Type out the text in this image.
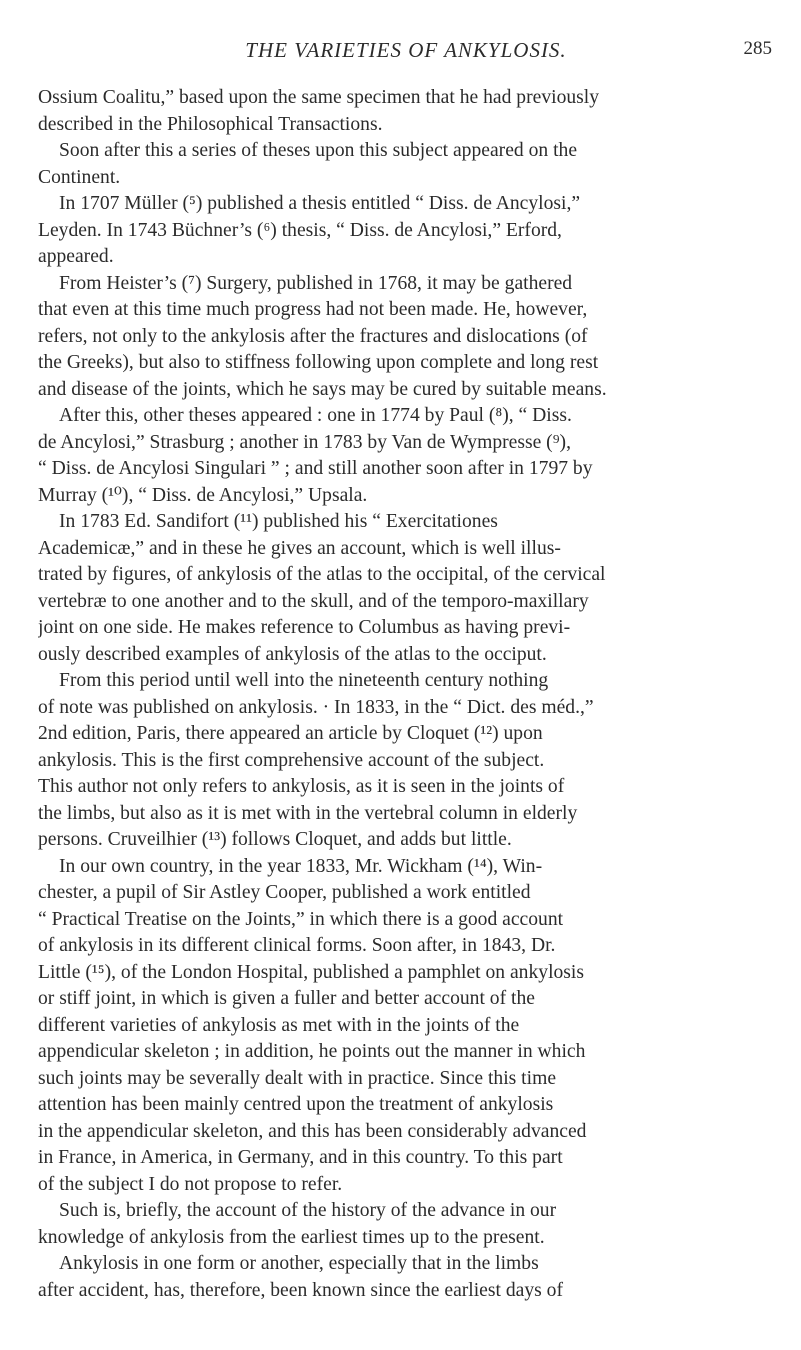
THE VARIETIES OF ANKYLOSIS.	285
Ossium Coalitu,” based upon the same specimen that he had previously
described in the Philosophical Transactions.
Soon after this a series of theses upon this subject appeared on the
Continent.
In 1707 Müller (⁵) published a thesis entitled “ Diss. de Ancylosi,”
Leyden. In 1743 Büchner’s (⁶) thesis, “ Diss. de Ancylosi,” Erford,
appeared.
From Heister’s (⁷) Surgery, published in 1768, it may be gathered
that even at this time much progress had not been made. He, however,
refers, not only to the ankylosis after the fractures and dislocations (of
the Greeks), but also to stiffness following upon complete and long rest
and disease of the joints, which he says may be cured by suitable means.
After this, other theses appeared : one in 1774 by Paul (⁸), “ Diss.
de Ancylosi,” Strasburg ; another in 1783 by Van de Wympresse (⁹),
“ Diss. de Ancylosi Singulari ” ; and still another soon after in 1797 by
Murray (¹⁰), “ Diss. de Ancylosi,” Upsala.
In 1783 Ed. Sandifort (¹¹) published his “ Exercitationes
Academicæ,” and in these he gives an account, which is well illus-
trated by figures, of ankylosis of the atlas to the occipital, of the cervical
vertebræ to one another and to the skull, and of the temporo-maxillary
joint on one side. He makes reference to Columbus as having previ-
ously described examples of ankylosis of the atlas to the occiput.
From this period until well into the nineteenth century nothing
of note was published on ankylosis. · In 1833, in the “ Dict. des méd.,”
2nd edition, Paris, there appeared an article by Cloquet (¹²) upon
ankylosis. This is the first comprehensive account of the subject.
This author not only refers to ankylosis, as it is seen in the joints of
the limbs, but also as it is met with in the vertebral column in elderly
persons. Cruveilhier (¹³) follows Cloquet, and adds but little.
In our own country, in the year 1833, Mr. Wickham (¹⁴), Win-
chester, a pupil of Sir Astley Cooper, published a work entitled
“ Practical Treatise on the Joints,” in which there is a good account
of ankylosis in its different clinical forms. Soon after, in 1843, Dr.
Little (¹⁵), of the London Hospital, published a pamphlet on ankylosis
or stiff joint, in which is given a fuller and better account of the
different varieties of ankylosis as met with in the joints of the
appendicular skeleton ; in addition, he points out the manner in which
such joints may be severally dealt with in practice. Since this time
attention has been mainly centred upon the treatment of ankylosis
in the appendicular skeleton, and this has been considerably advanced
in France, in America, in Germany, and in this country. To this part
of the subject I do not propose to refer.
Such is, briefly, the account of the history of the advance in our
knowledge of ankylosis from the earliest times up to the present.
Ankylosis in one form or another, especially that in the limbs
after accident, has, therefore, been known since the earliest days of
